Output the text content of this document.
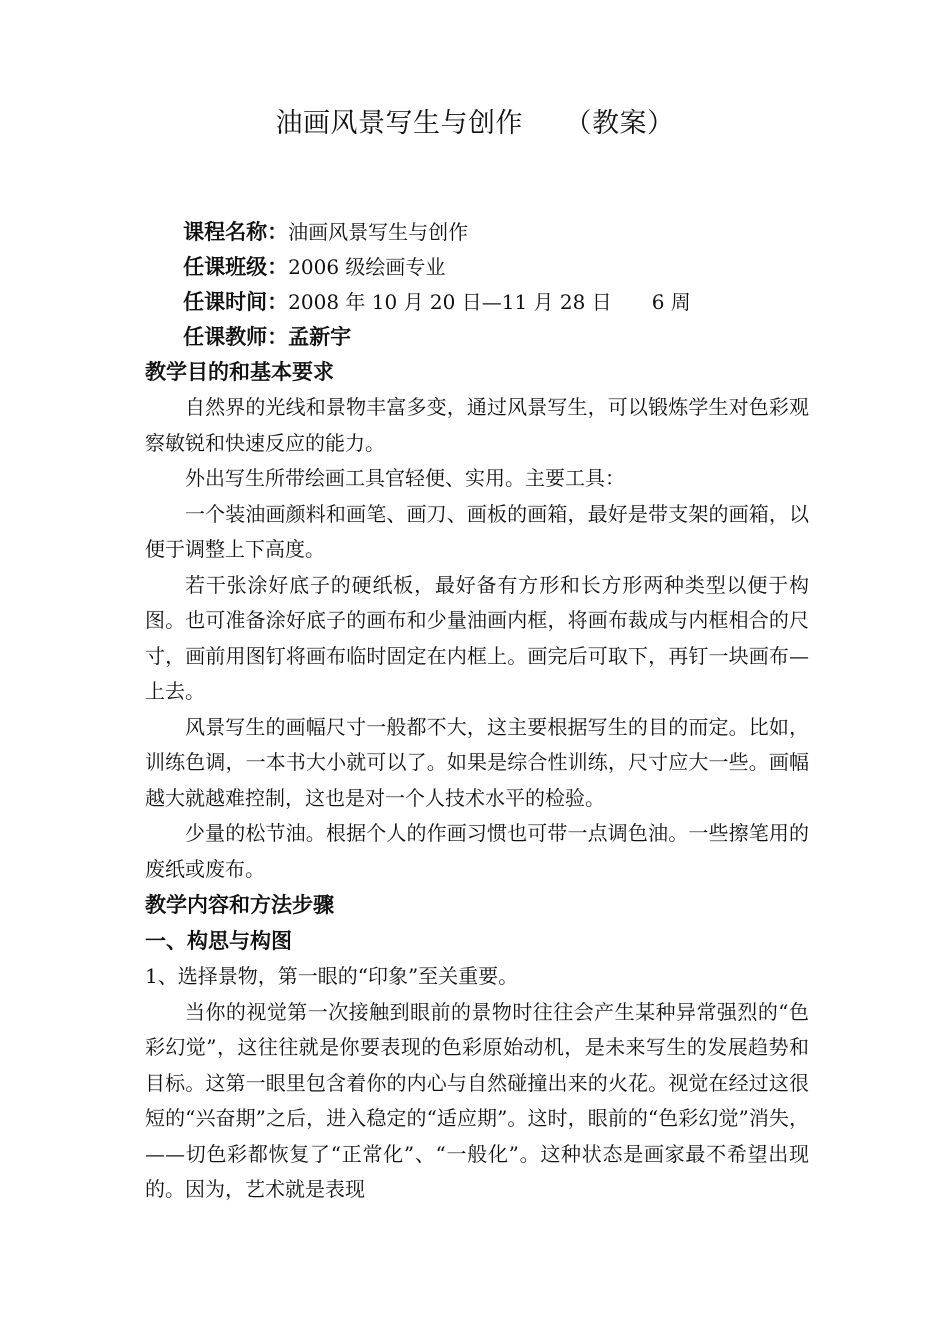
油画风景写生与创作　　（教案）

课程名称：油画风景写生与创作

任课班级：2006 级绘画专业

任课时间：2008 年 10 月 20 日—11 月 28 日　　6 周

任课教师：孟新宇

教学目的和基本要求

自然界的光线和景物丰富多变，通过风景写生，可以锻炼学生对色彩观察敏锐和快速反应的能力。

外出写生所带绘画工具官轻便、实用。主要工具：

一个装油画颜料和画笔、画刀、画板的画箱，最好是带支架的画箱，以便于调整上下高度。

若干张涂好底子的硬纸板，最好备有方形和长方形两种类型以便于构图。也可准备涂好底子的画布和少量油画内框，将画布裁成与内框相合的尺寸，画前用图钉将画布临时固定在内框上。画完后可取下，再钉一块画布—上去。

风景写生的画幅尺寸一般都不大，这主要根据写生的目的而定。比如，训练色调，一本书大小就可以了。如果是综合性训练，尺寸应大一些。画幅越大就越难控制，这也是对一个人技术水平的检验。

少量的松节油。根据个人的作画习惯也可带一点调色油。一些擦笔用的废纸或废布。

教学内容和方法步骤
一、构思与构图

1、选择景物，第一眼的“印象”至关重要。

当你的视觉第一次接触到眼前的景物时往往会产生某种异常强烈的“色彩幻觉”，这往往就是你要表现的色彩原始动机，是未来写生的发展趋势和目标。这第一眼里包含着你的内心与自然碰撞出来的火花。视觉在经过这很短的“兴奋期”之后，进入稳定的“适应期”。这时，眼前的“色彩幻觉”消失，——切色彩都恢复了“正常化”、“一般化”。这种状态是画家最不希望出现的。因为，艺术就是表现
